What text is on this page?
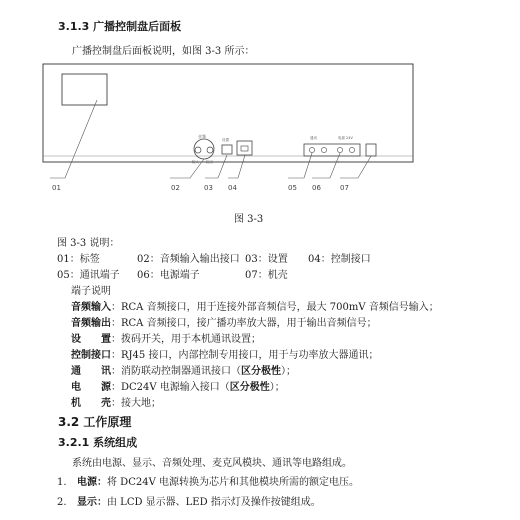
3.1.3 广播控制盘后面板
广播控制盘后面板说明，如图 3-3 所示：
音频
输入 输出
设置	通讯	电源 24V
+	-
01	02	03 04	05 06	07
图 3-3
图 3-3 说明：
01：标签	02：音频输入输出接口 03：设置 04：控制接口
05：通讯端子 06：电源端子	07：机壳
端子说明
音频输入：RCA 音频接口，用于连接外部音频信号，最大 700mV 音频信号输入；
音频输出：RCA 音频接口，接广播功率放大器，用于输出音频信号；
设　　置：拨码开关，用于本机通讯设置；
控制接口：RJ45 接口，内部控制专用接口，用于与功率放大器通讯；
通　　讯：消防联动控制器通讯接口（区分极性）；
电　　源：DC24V 电源输入接口（区分极性）；
机　　壳：接大地；
3.2 工作原理
3.2.1 系统组成
系统由电源、显示、音频处理、麦克风模块、通讯等电路组成。
1. 电源：将 DC24V 电源转换为芯片和其他模块所需的额定电压。
2. 显示：由 LCD 显示器、LED 指示灯及操作按键组成。
